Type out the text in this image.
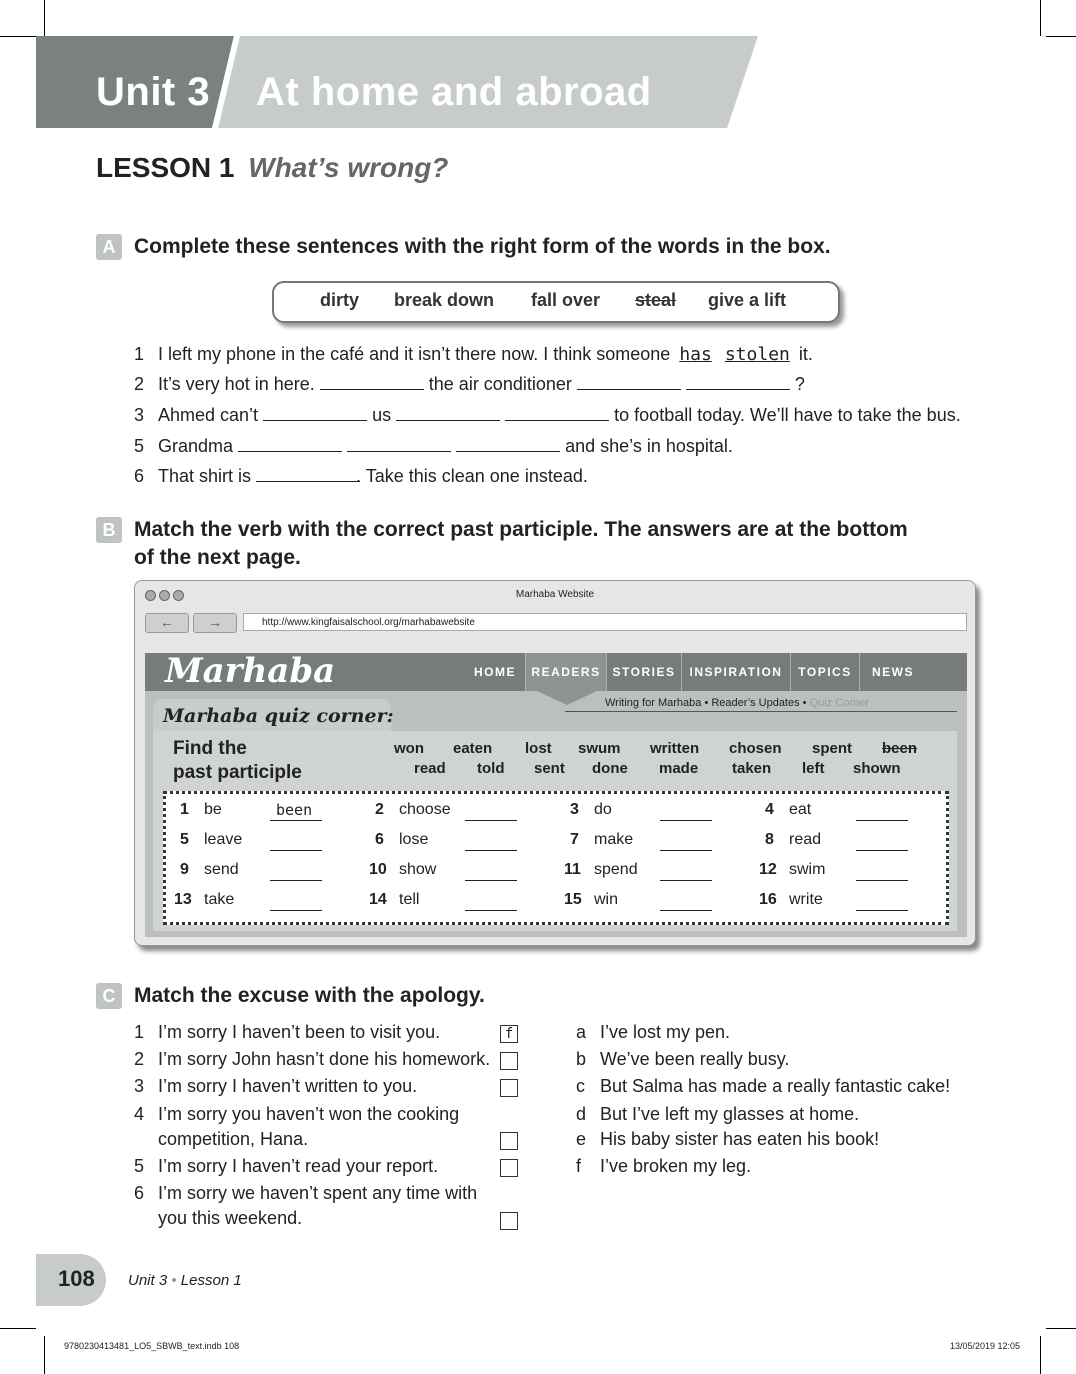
Unit 3 At home and abroad
LESSON 1 What’s wrong?
A Complete these sentences with the right form of the words in the box.
dirty break down fall over steal give a lift
1 I left my phone in the café and it isn’t there now. I think someone has stolen it.
2 It’s very hot in here.	the air conditioner	?
3 Ahmed can’t	us	to football today. We’ll have to take the bus.
5 Grandma	and she’s in hospital.
6 That shirt is	. Take this clean one instead.
B Match the verb with the correct past participle. The answers are at the bottom
of the next page.
Marhaba Website
←	→	http://www.kingfaisalschool.org/marhabawebsite
Marhaba	HOME	READERS STORIES	INSPIRATION	TOPICS	NEWS
Writing for Marhaba • Reader’s Updates • Quiz Corner
Marhaba quiz corner:
Find the
past participle
won eaten lost swum written chosen spent been
read told sent done made taken left shown
1 be	been	2 choose	3 do	4 eat
5 leave	6 lose	7 make	8 read
9 send	10 show	11 spend	12 swim
13 take	14 tell	15 win	16 write
C Match the excuse with the apology.
1 I’m sorry I haven’t been to visit you.	f
2 I’m sorry John hasn’t done his homework.
3 I’m sorry I haven’t written to you.
4 I’m sorry you haven’t won the cooking
competition, Hana.
5 I’m sorry I haven’t read your report.
6 I’m sorry we haven’t spent any time with
you this weekend.
a I’ve lost my pen.
b We’ve been really busy.
c But Salma has made a really fantastic cake!
d But I’ve left my glasses at home.
e His baby sister has eaten his book!
f I’ve broken my leg.
108 Unit 3 • Lesson 1
9780230413481_LO5_SBWB_text.indb 108	13/05/2019 12:05
